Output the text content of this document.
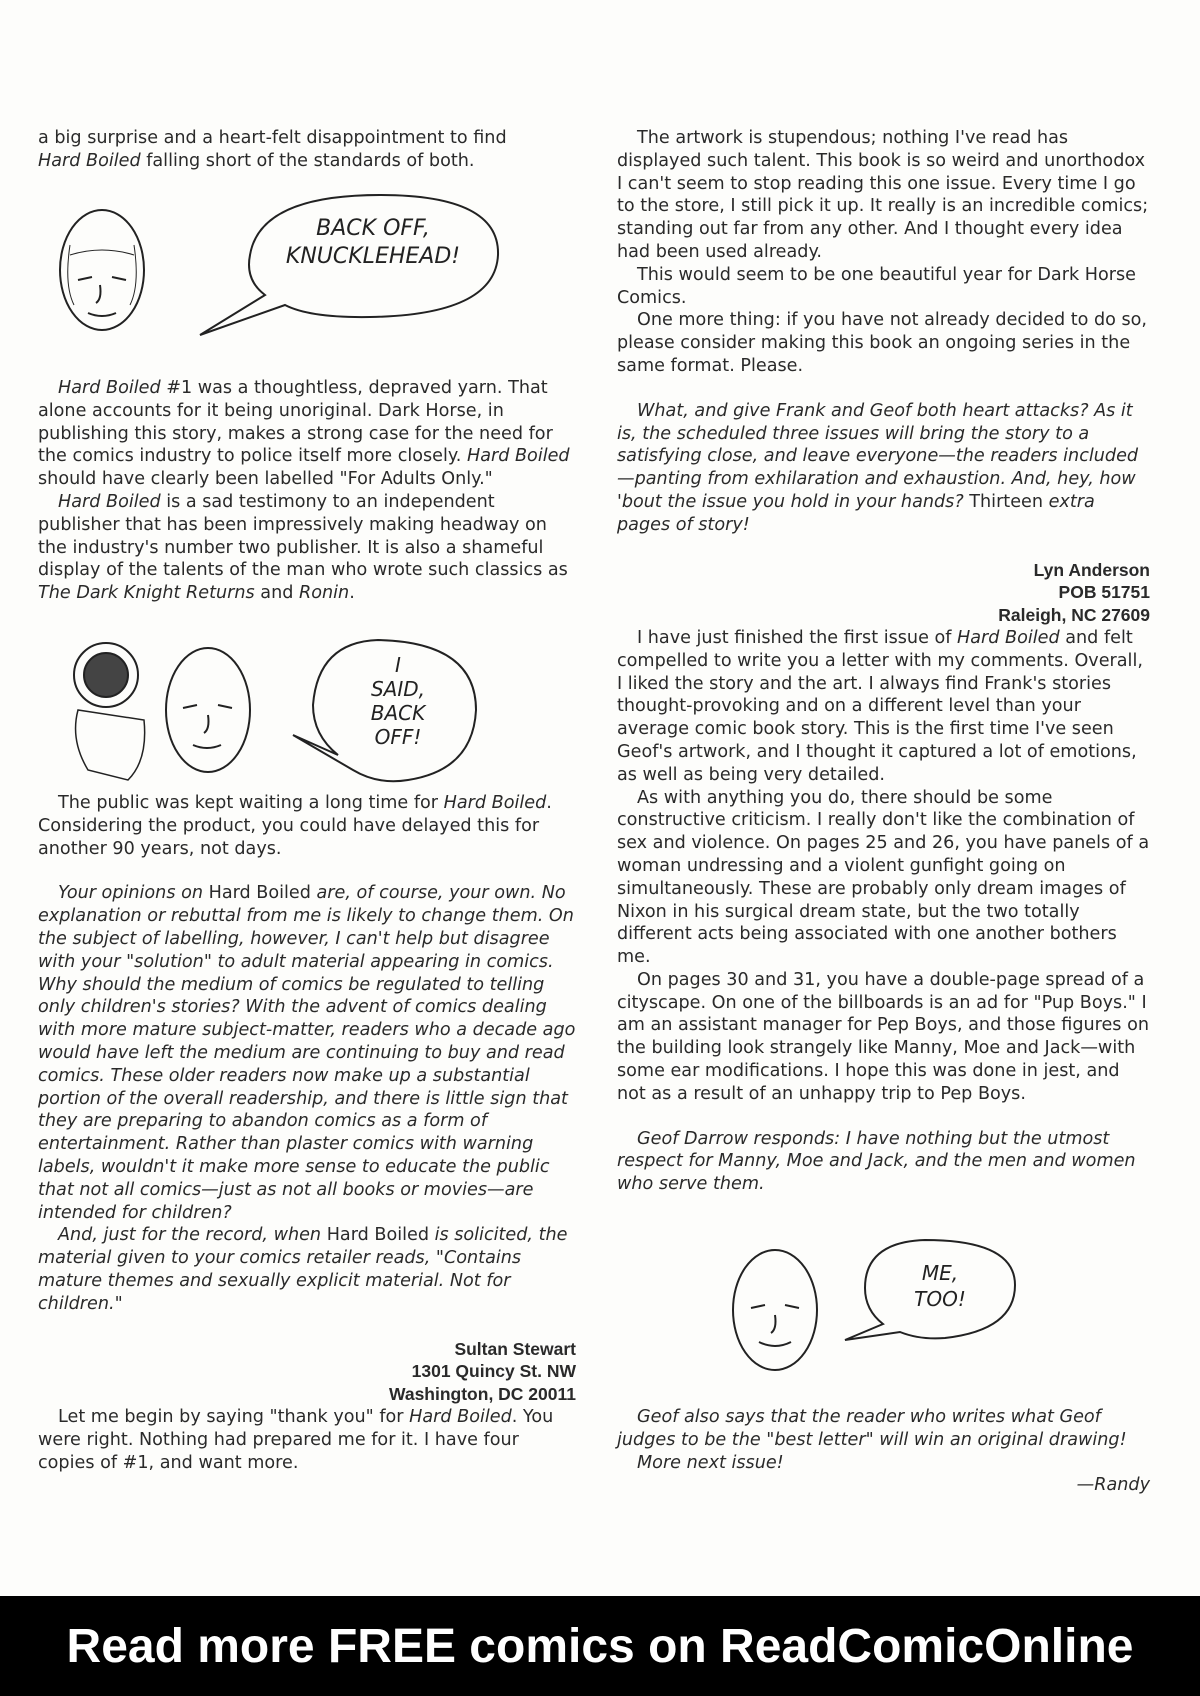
a big surprise and a heart-felt disappointment to find
Hard Boiled falling short of the standards of both.

BACK OFF,
KNUCKLEHEAD!

Hard Boiled #1 was a thoughtless, depraved yarn. That alone accounts for it being unoriginal. Dark Horse, in publishing this story, makes a strong case for the need for the comics industry to police itself more closely. Hard Boiled should have clearly been labelled "For Adults Only."

Hard Boiled is a sad testimony to an independent publisher that has been impressively making headway on the industry's number two publisher. It is also a shameful display of the talents of the man who wrote such classics as The Dark Knight Returns and Ronin.

I
SAID,
BACK
OFF!

The public was kept waiting a long time for Hard Boiled. Considering the product, you could have delayed this for another 90 years, not days.

Your opinions on Hard Boiled are, of course, your own. No explanation or rebuttal from me is likely to change them. On the subject of labelling, however, I can't help but disagree with your "solution" to adult material appearing in comics. Why should the medium of comics be regulated to telling only children's stories? With the advent of comics dealing with more mature subject-matter, readers who a decade ago would have left the medium are continuing to buy and read comics. These older readers now make up a substantial portion of the overall readership, and there is little sign that they are preparing to abandon comics as a form of entertainment. Rather than plaster comics with warning labels, wouldn't it make more sense to educate the public that not all comics—just as not all books or movies—are intended for children?

And, just for the record, when Hard Boiled is solicited, the material given to your comics retailer reads, "Contains mature themes and sexually explicit material. Not for children."

Sultan Stewart

1301 Quincy St. NW

Washington, DC 20011

Let me begin by saying "thank you" for Hard Boiled. You were right. Nothing had prepared me for it. I have four copies of #1, and want more.

The artwork is stupendous; nothing I've read has displayed such talent. This book is so weird and unorthodox I can't seem to stop reading this one issue. Every time I go to the store, I still pick it up. It really is an incredible comics; standing out far from any other. And I thought every idea had been used already.

This would seem to be one beautiful year for Dark Horse Comics.

One more thing: if you have not already decided to do so, please consider making this book an ongoing series in the same format. Please.

What, and give Frank and Geof both heart attacks? As it is, the scheduled three issues will bring the story to a satisfying close, and leave everyone—the readers included—panting from exhilaration and exhaustion. And, hey, how 'bout the issue you hold in your hands? Thirteen extra pages of story!

Lyn Anderson

POB 51751

Raleigh, NC 27609

I have just finished the first issue of Hard Boiled and felt compelled to write you a letter with my comments. Overall, I liked the story and the art. I always find Frank's stories thought-provoking and on a different level than your average comic book story. This is the first time I've seen Geof's artwork, and I thought it captured a lot of emotions, as well as being very detailed.

As with anything you do, there should be some constructive criticism. I really don't like the combination of sex and violence. On pages 25 and 26, you have panels of a woman undressing and a violent gunfight going on simultaneously. These are probably only dream images of Nixon in his surgical dream state, but the two totally different acts being associated with one another bothers me.

On pages 30 and 31, you have a double-page spread of a cityscape. On one of the billboards is an ad for "Pup Boys." I am an assistant manager for Pep Boys, and those figures on the building look strangely like Manny, Moe and Jack—with some ear modifications. I hope this was done in jest, and not as a result of an unhappy trip to Pep Boys.

Geof Darrow responds: I have nothing but the utmost respect for Manny, Moe and Jack, and the men and women who serve them.

ME,
TOO!

Geof also says that the reader who writes what Geof judges to be the "best letter" will win an original drawing!

More next issue!

—Randy

Read more FREE comics on ReadComicOnline
